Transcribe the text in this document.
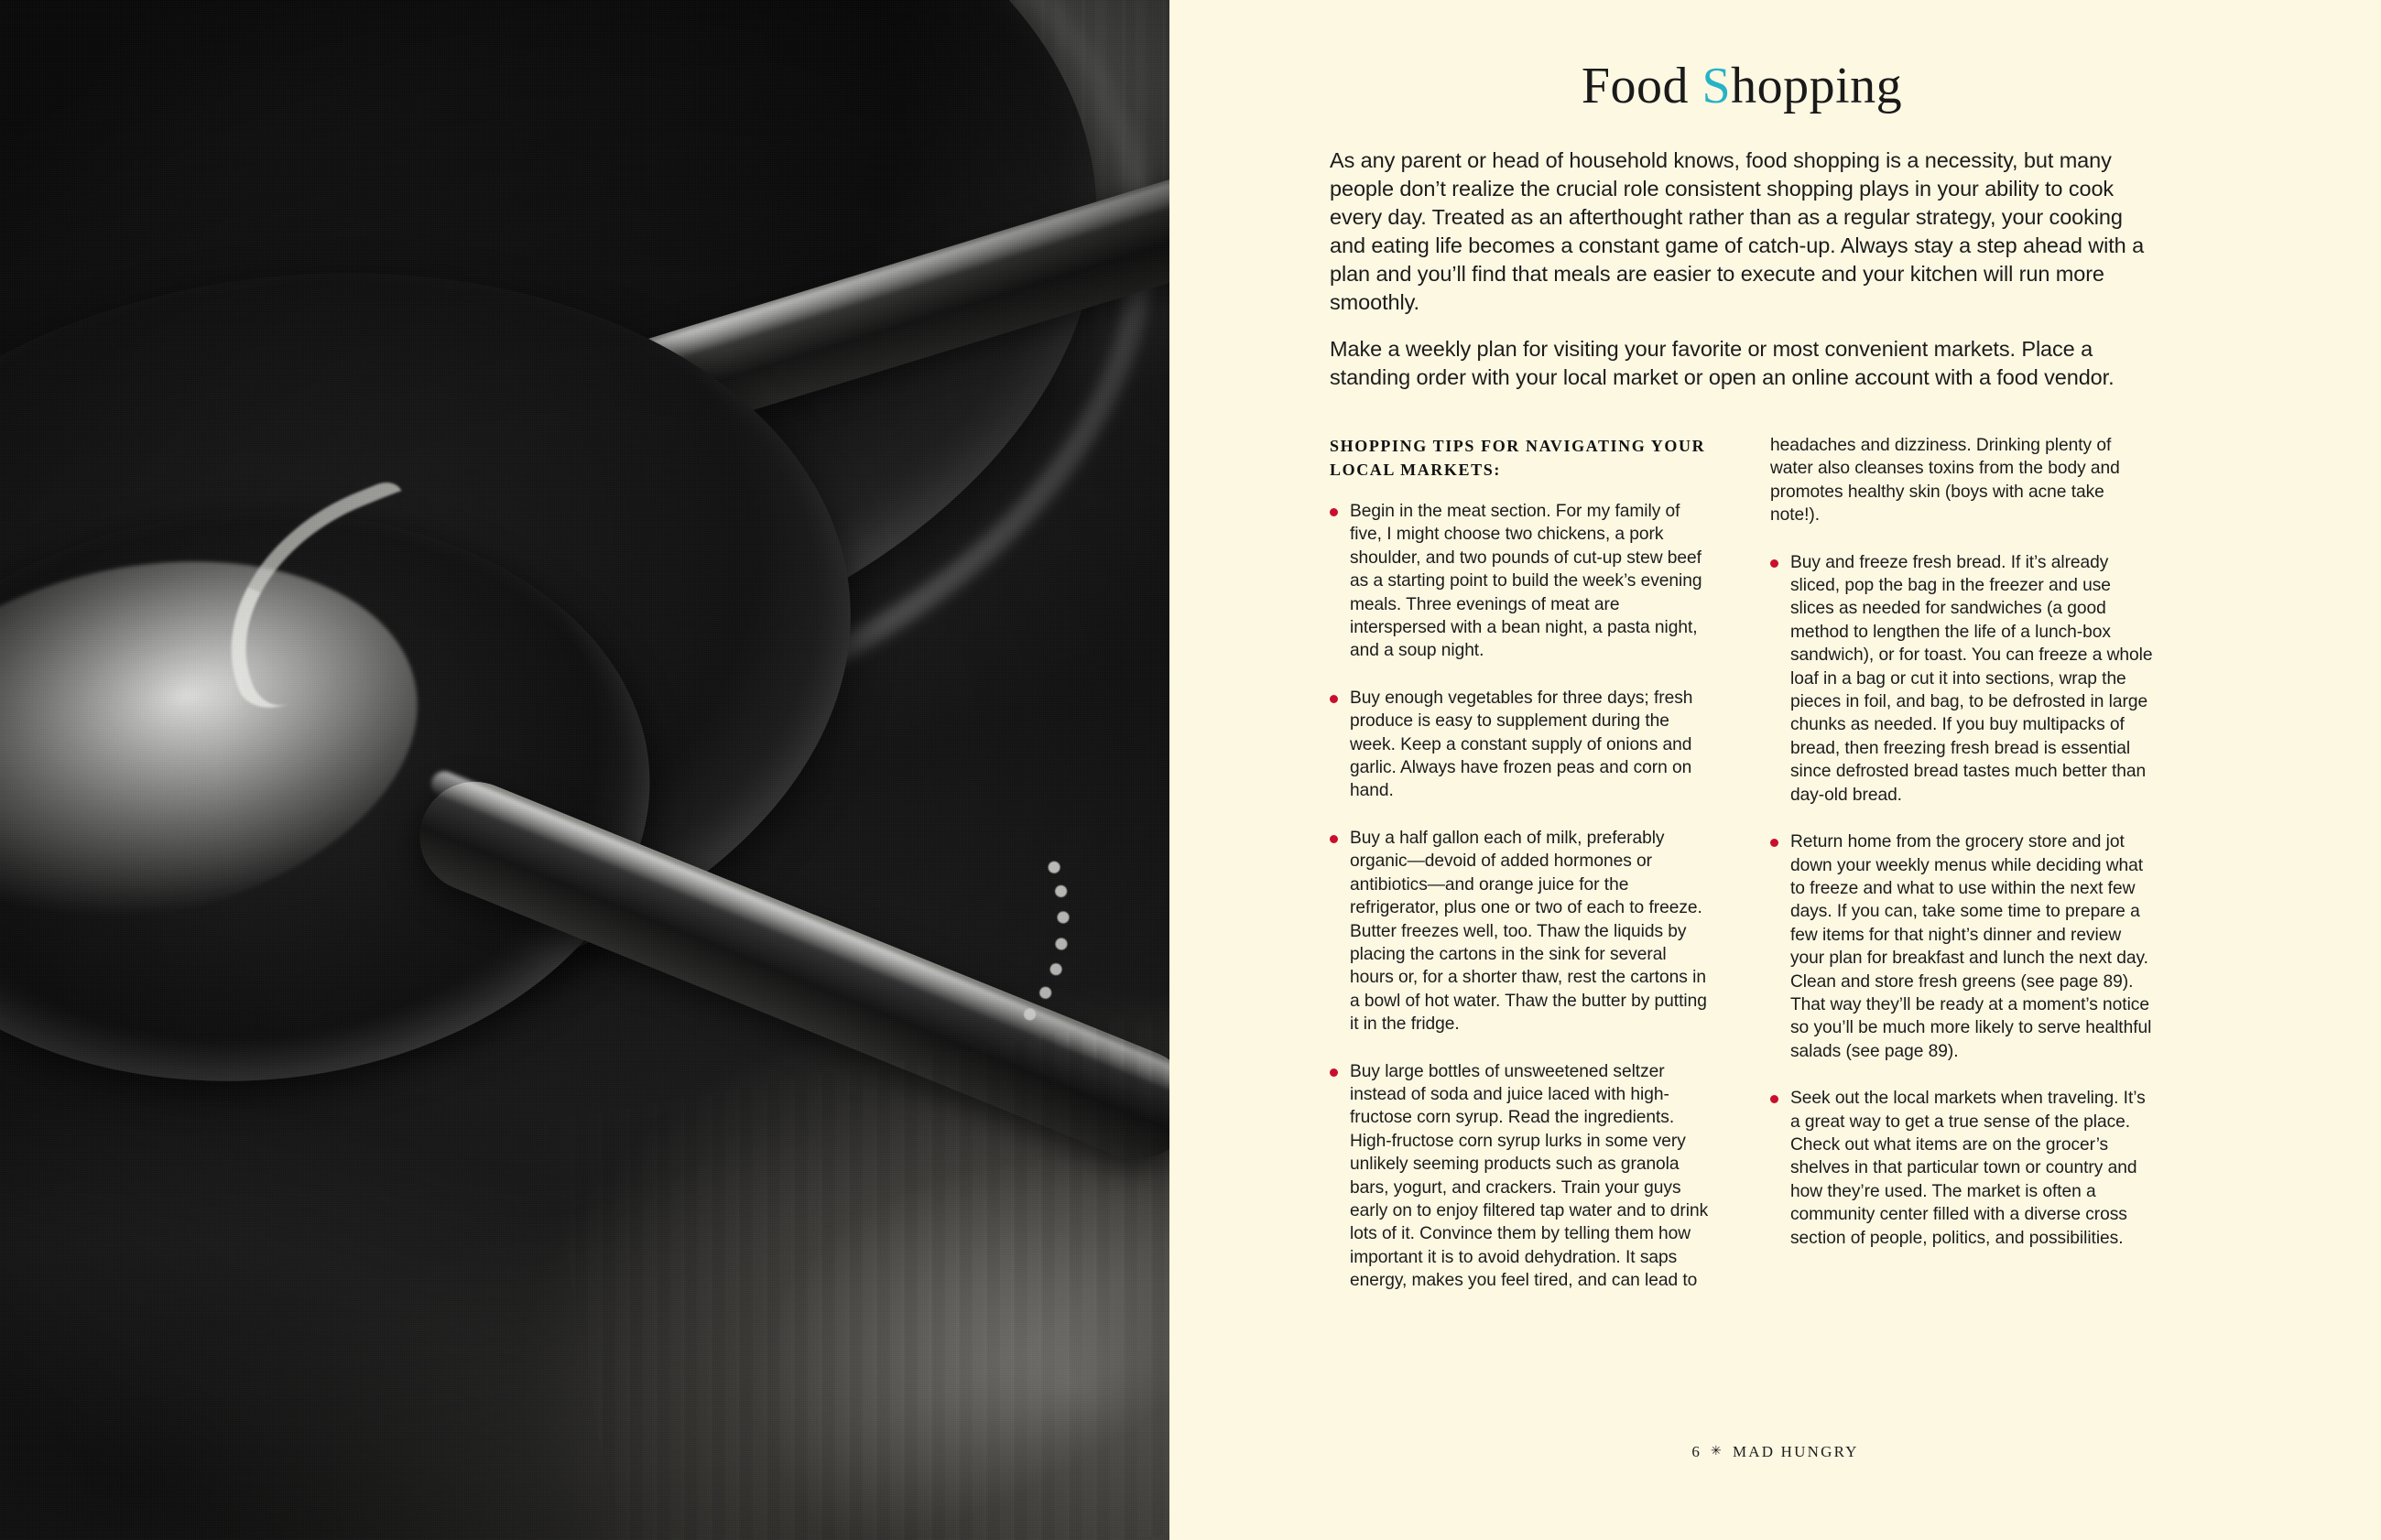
Food Shopping

As any parent or head of household knows, food shopping is a necessity, but many people don’t realize the crucial role consistent shopping plays in your ability to cook every day. Treated as an afterthought rather than as a regular strategy, your cooking and eating life becomes a constant game of catch-up. Always stay a step ahead with a plan and you’ll find that meals are easier to execute and your kitchen will run more smoothly.

Make a weekly plan for visiting your favorite or most convenient markets. Place a standing order with your local market or open an online account with a food vendor.

SHOPPING TIPS FOR NAVIGATING YOUR LOCAL MARKETS:
Begin in the meat section. For my family of five, I might choose two chickens, a pork shoulder, and two pounds of cut-up stew beef as a starting point to build the week’s evening meals. Three evenings of meat are interspersed with a bean night, a pasta night, and a soup night.
Buy enough vegetables for three days; fresh produce is easy to supplement during the week. Keep a constant supply of onions and garlic. Always have frozen peas and corn on hand.
Buy a half gallon each of milk, preferably organic—devoid of added hormones or antibiotics—and orange juice for the refrigerator, plus one or two of each to freeze. Butter freezes well, too. Thaw the liquids by placing the cartons in the sink for several hours or, for a shorter thaw, rest the cartons in a bowl of hot water. Thaw the butter by putting it in the fridge.
Buy large bottles of unsweetened seltzer instead of soda and juice laced with high-fructose corn syrup. Read the ingredients. High-fructose corn syrup lurks in some very unlikely seeming products such as granola bars, yogurt, and crackers. Train your guys early on to enjoy filtered tap water and to drink lots of it. Convince them by telling them how important it is to avoid dehydration. It saps energy, makes you feel tired, and can lead to

headaches and dizziness. Drinking plenty of water also cleanses toxins from the body and promotes healthy skin (boys with acne take note!).

Buy and freeze fresh bread. If it’s already sliced, pop the bag in the freezer and use slices as needed for sandwiches (a good method to lengthen the life of a lunch-box sandwich), or for toast. You can freeze a whole loaf in a bag or cut it into sections, wrap the pieces in foil, and bag, to be defrosted in large chunks as needed. If you buy multipacks of bread, then freezing fresh bread is essential since defrosted bread tastes much better than day-old bread.
Return home from the grocery store and jot down your weekly menus while deciding what to freeze and what to use within the next few days. If you can, take some time to prepare a few items for that night’s dinner and review your plan for breakfast and lunch the next day. Clean and store fresh greens (see page 89). That way they’ll be ready at a moment’s notice so you’ll be much more likely to serve healthful salads (see page 89).
Seek out the local markets when traveling. It’s a great way to get a true sense of the place. Check out what items are on the grocer’s shelves in that particular town or country and how they’re used. The market is often a community center filled with a diverse cross section of people, politics, and possibilities.
6 ✳ MAD HUNGRY
